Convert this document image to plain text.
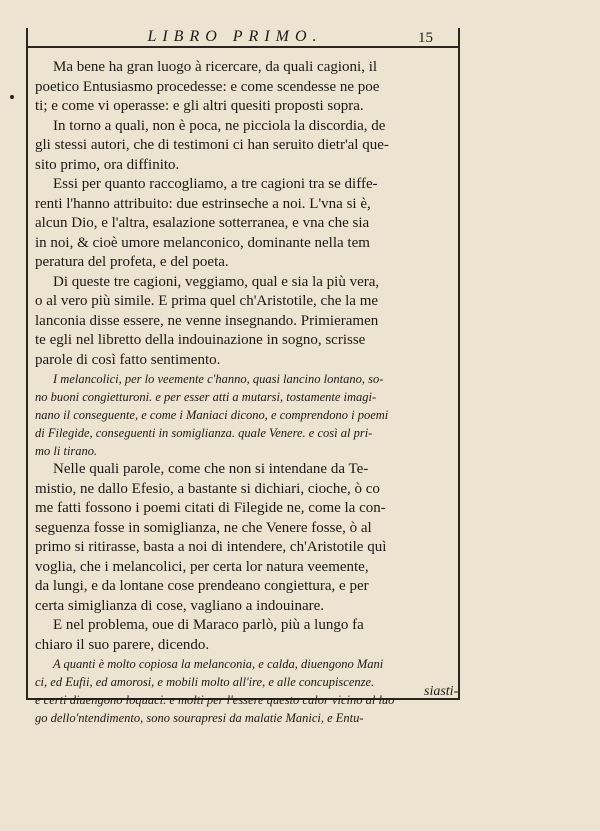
LIBRO PRIMO.	15
Ma bene ha gran luogo à ricercare, da quali cagioni, il
poetico Entusiasmo procedesse: e come scendesse ne poe
ti; e come vi operasse: e gli altri quesiti proposti sopra.
In torno a quali, non è poca, ne picciola la discordia, de
gli stessi autori, che di testimoni ci han seruito dietr'al que-
sito primo, ora diffinito.
Essi per quanto raccogliamo, a tre cagioni tra se diffe-
renti l'hanno attribuito: due estrinseche a noi. L'vna si è,
alcun Dio, e l'altra, esalazione sotterranea, e vna che sia
in noi, & cioè umore melanconico, dominante nella tem
peratura del profeta, e del poeta.
Di queste tre cagioni, veggiamo, qual e sia la più vera,
o al vero più simile. E prima quel ch'Aristotile, che la me
lanconia disse essere, ne venne insegnando. Primieramen
te egli nel libretto della indouinazione in sogno, scrisse
parole di così fatto sentimento.
I melancolici, per lo veemente c'hanno, quasi lancino lontano, so-
no buoni congietturoni. e per esser atti a mutarsi, tostamente imagi-
nano il conseguente, e come i Maniaci dicono, e comprendono i poemi
di Filegide, conseguenti in somiglianza. quale Venere. e così al pri-
mo li tirano.
Nelle quali parole, come che non si intendane da Te-
mistio, ne dallo Efesio, a bastante si dichiari, cioche, ò co
me fatti fossono i poemi citati di Filegide ne, come la con-
seguenza fosse in somiglianza, ne che Venere fosse, ò al
primo si ritirasse, basta a noi di intendere, ch'Aristotile quì
voglia, che i melancolici, per certa lor natura veemente,
da lungi, e da lontane cose prendeano congiettura, e per
certa simiglianza di cose, vagliano a indouinare.
E nel problema, oue di Maraco parlò, più a lungo fa
chiaro il suo parere, dicendo.
A quanti è molto copiosa la melanconia, e calda, diuengono Mani
ci, ed Eufii, ed amorosi, e mobili molto all'ire, e alle concupiscenze.
e certi diuengono loquaci. e molti per l'essere questo calor vicino al luo
go dello'ntendimento, sono sourapresi da malatie Manici, e Entu-
siasti-
